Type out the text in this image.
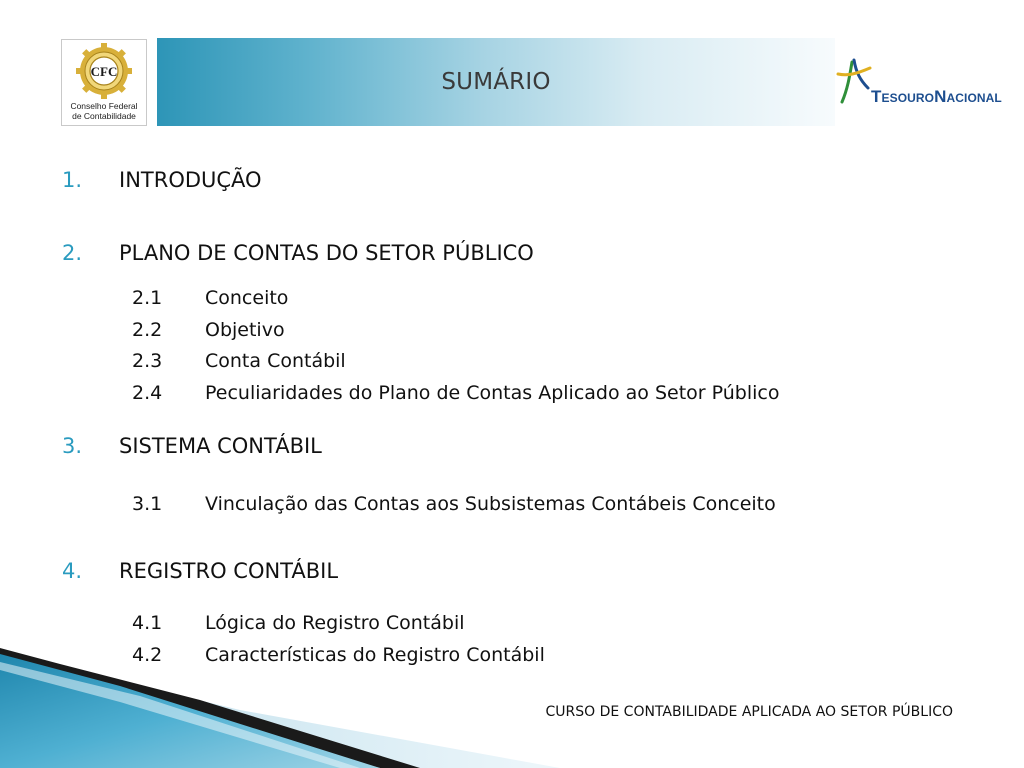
CFC
Conselho Federal
de Contabilidade
SUMÁRIO
TESOURONACIONAL
1. INTRODUÇÃO
2. PLANO DE CONTAS DO SETOR PÚBLICO
2.1 Conceito
2.2 Objetivo
2.3 Conta Contábil
2.4 Peculiaridades do Plano de Contas Aplicado ao Setor Público
3. SISTEMA CONTÁBIL
3.1 Vinculação das Contas aos Subsistemas Contábeis Conceito
4. REGISTRO CONTÁBIL
4.1 Lógica do Registro Contábil
4.2 Características do Registro Contábil
CURSO DE CONTABILIDADE APLICADA AO SETOR PÚBLICO
